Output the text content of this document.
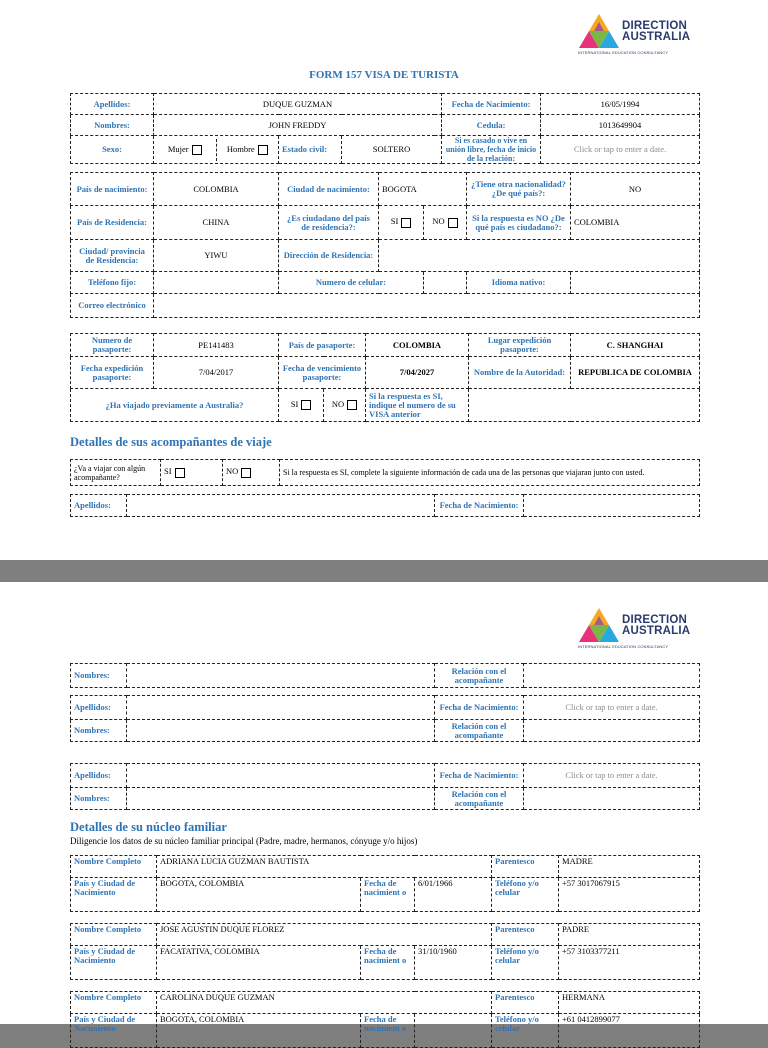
DIRECTION
AUSTRALIA
INTERNATIONAL EDUCATION CONSULTANCY
FORM 157 VISA DE TURISTA
Apellidos:	DUQUE GUZMAN			Fecha de Nacimiento:	16/05/1994
Nombres:	JOHN FREDDY			Cedula:	1013649904
Sexo:	Mujer Hombre	Estado civil:	SOLTERO	Si es casado o vive en unión libre, fecha de inicio de la relación:	Click or tap to enter a date.
País de nacimiento:	COLOMBIA	Ciudad de nacimiento:	BOGOTA		¿Tiene otra nacionalidad? ¿De qué país?:	NO
País de Residencia:	CHINA	¿Es ciudadano del país de residencia?:	SI	NO	Si la respuesta es NO ¿De qué país es ciudadano?:	COLOMBIA
Ciudad/ provincia de Residencia:	YIWU	Dirección de Residencia:				
Teléfono fijo:		Numero de celular:			Idioma nativo:	
Correo electrónico						
Numero de pasaporte:	PE141483	País de pasaporte:		COLOMBIA	Lugar expedición pasaporte:	C. SHANGHAI
Fecha expedición pasaporte:	7/04/2017	Fecha de vencimiento pasaporte:		7/04/2027	Nombre de la Autoridad:	REPUBLICA DE COLOMBIA
¿Ha viajado previamente a Australia?		SI	NO	Si la respuesta es SI, indique el numero de su VISA anterior		
Detalles de sus acompañantes de viaje
¿Va a viajar con algún acompañante?	SI	NO	Si la respuesta es SI, complete la siguiente información de cada una de las personas que viajaran junto con usted.
Apellidos:		Fecha de Nacimiento:	
DIRECTION
AUSTRALIA
INTERNATIONAL EDUCATION CONSULTANCY
Nombres:		Relación con el acompañante	
Apellidos:		Fecha de Nacimiento:	Click or tap to enter a date.
Nombres:		Relación con el acompañante	
Apellidos:		Fecha de Nacimiento:	Click or tap to enter a date.
Nombres:		Relación con el acompañante	
Detalles de su núcleo familiar
Diligencie los datos de su núcleo familiar principal (Padre, madre, hermanos, cónyuge y/o hijos)
Nombre Completo	ADRIANA LUCIA GUZMAN BAUTISTA			Parentesco	MADRE
País y Ciudad de Nacimiento	BOGOTA, COLOMBIA	Fecha de nacimient o	6/01/1966	Teléfono y/o celular	+57 3017067915
Nombre Completo	JOSE AGUSTIN DUQUE FLOREZ			Parentesco	PADRE
País y Ciudad de Nacimiento	FACATATIVA, COLOMBIA	Fecha de nacimient o	31/10/1960	Teléfono y/o celular	+57 3103377211
Nombre Completo	CAROLINA DUQUE GUZMAN			Parentesco	HERMANA
País y Ciudad de Nacimiento	BOGOTA, COLOMBIA	Fecha de nacimient o		Teléfono y/o celular	+61 0412899077
